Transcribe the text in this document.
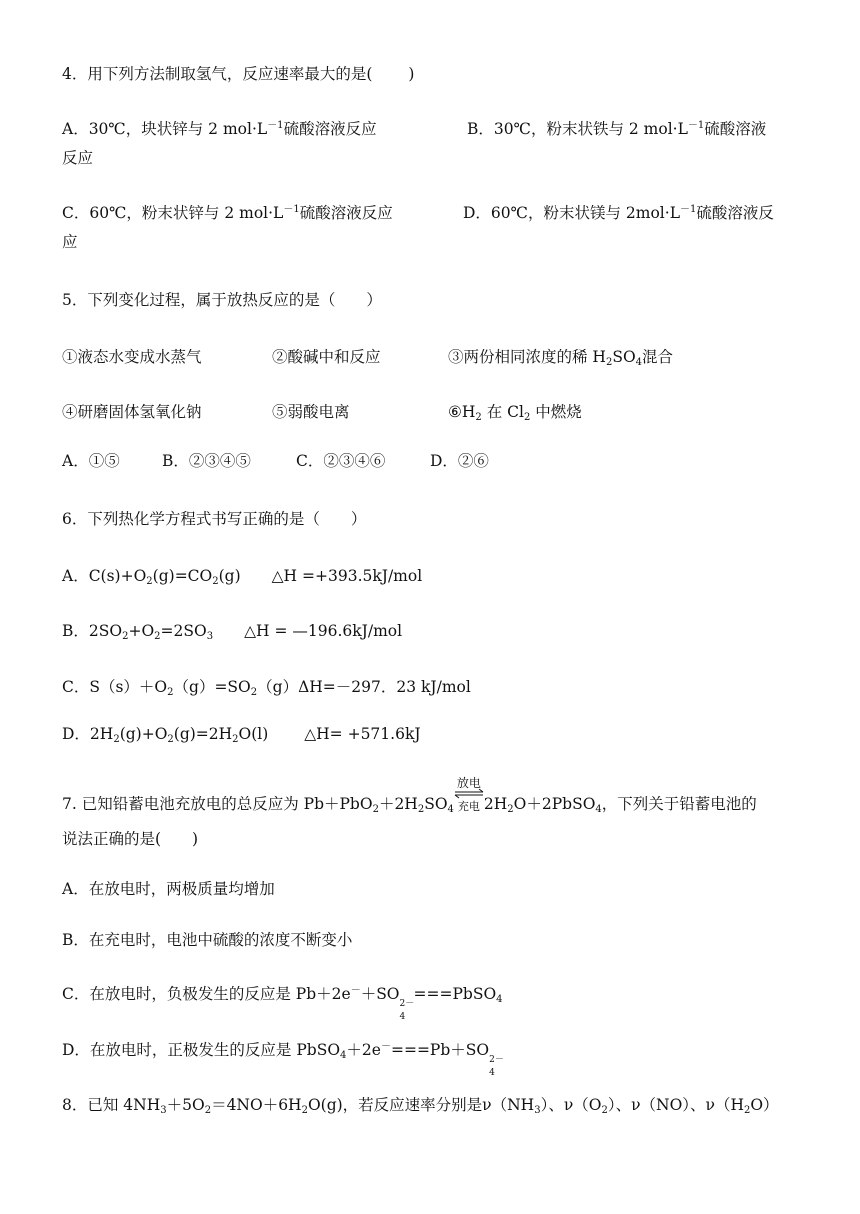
4．用下列方法制取氢气，反应速率最大的是(　　 )
A．30℃，块状锌与 2 $mol\cdot L^{-1}$硫酸溶液反应	B．30℃，粉末状铁与 2 $mol\cdot L^{-1}$硫酸溶液
反应
C．60℃，粉末状锌与 2 $mol\cdot L^{-1}$硫酸溶液反应	D．60℃，粉末状镁与 $2mol\cdot L^{-1}$硫酸溶液反
应
5．下列变化过程，属于放热反应的是（　　）
①液态水变成水蒸气	②酸碱中和反应	③两份相同浓度的稀 $H_2SO_4$混合
④研磨固体氢氧化钠	⑤弱酸电离	$⑥H_2$ 在 $Cl_2$ 中燃烧
A．①⑤	B．②③④⑤	C．②③④⑥	D．②⑥
6．下列热化学方程式书写正确的是（　　）
A．$C(s)+O_2(g)=CO_2(g)$　　△H =+393.5kJ/mol
B．$2SO_2+O_2=2SO_3$　　△H = —196.6kJ/mol
C．$S(s)+O_2(g)=SO_2(g)\Delta H=-297$．23 kJ/mol
D．$2H_2(g)+O_2(g)=2H_2O(l)$　　 △H= +571.6kJ
7. 已知铅蓄电池充放电的总反应为 $Pb+PbO_2+2H_2SO_4$
放电
充电 $2H_2O+2PbSO_4$，下列关于铅蓄电池的
说法正确的是(　　)
A．在放电时，两极质量均增加
B．在充电时，电池中硫酸的浓度不断变小
C．在放电时，负极发生的反应是 Pb＋2e－＋SO
2－
4
===PbSO$_4$
D．在放电时，正极发生的反应是 PbSO$_4$＋2e－===Pb＋SO
2－
4
8．已知 $4NH_3+5O_2=4NO+6H_2O(g)$，若反应速率分别是$\nu(NH_3)$、$\nu(O_2)$、ν（NO）、$\nu(H_2O)$
